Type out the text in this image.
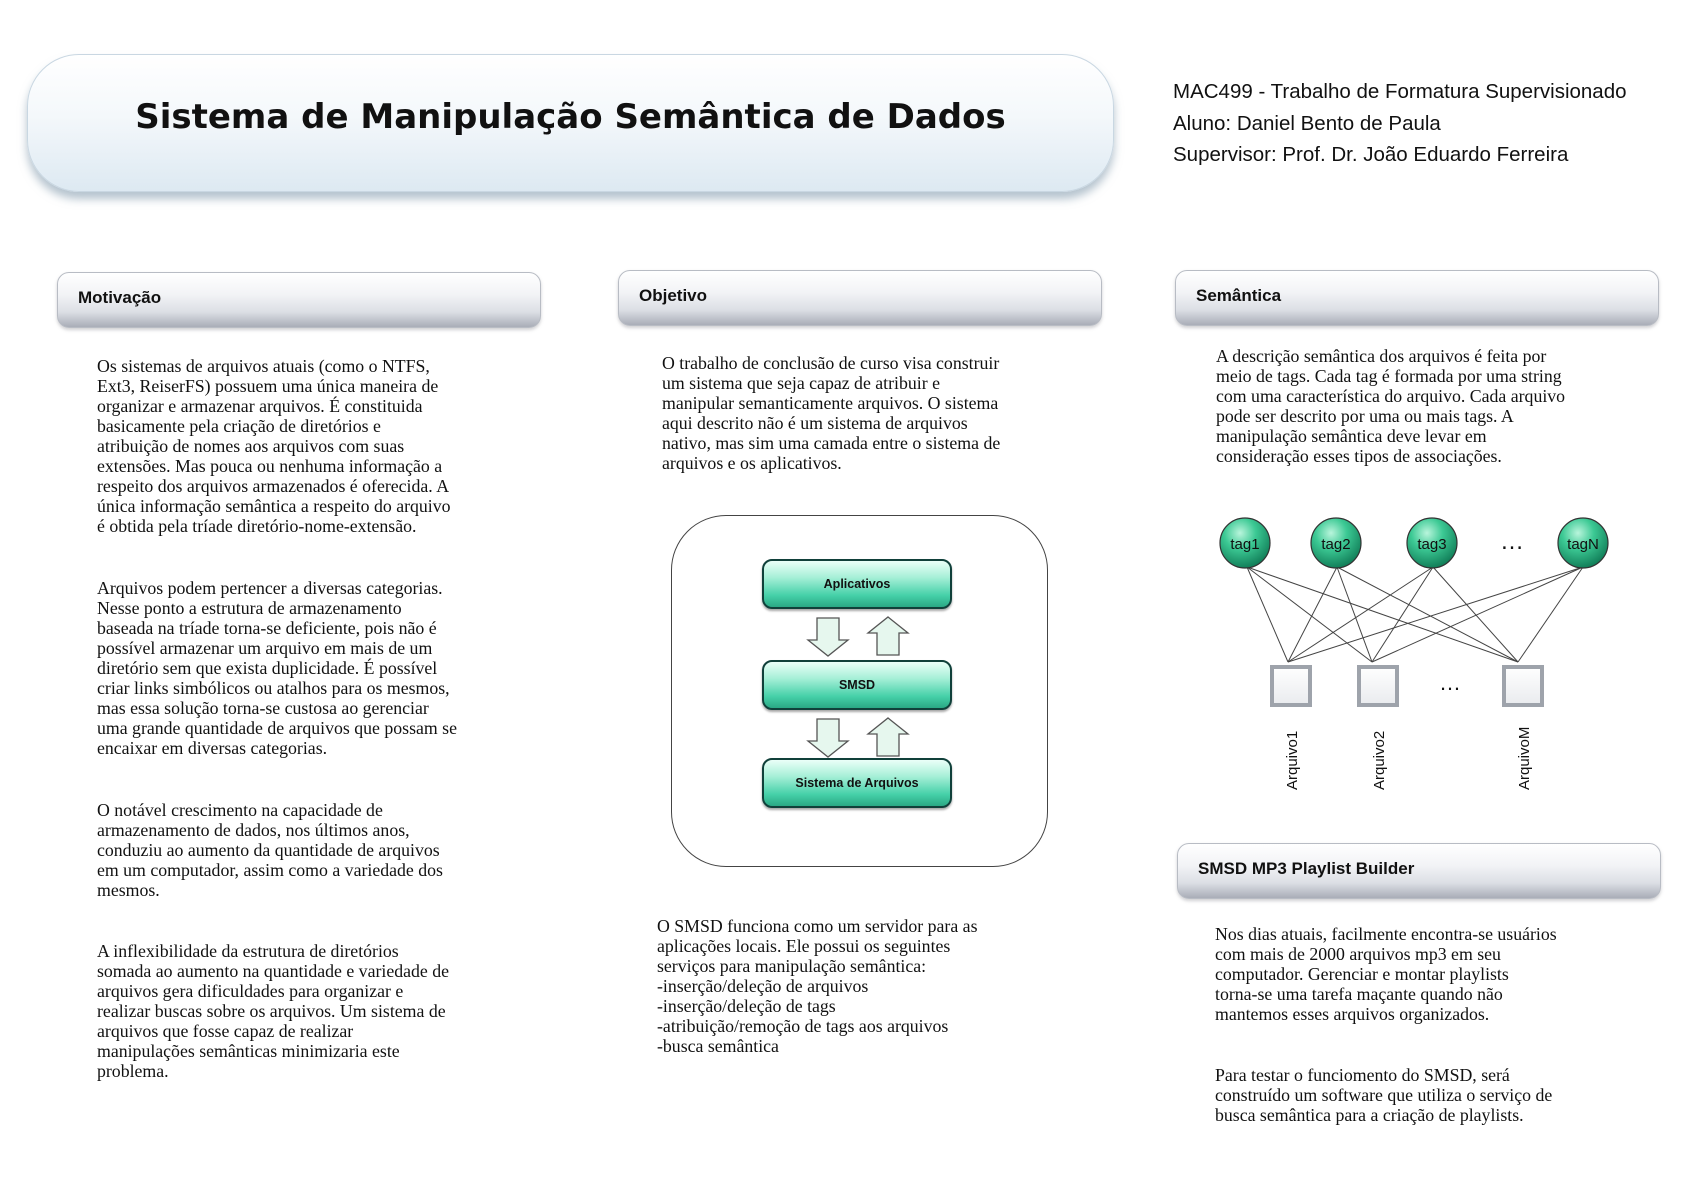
Sistema de Manipulação Semântica de Dados
MAC499 - Trabalho de Formatura Supervisionado
Aluno: Daniel Bento de Paula
Supervisor: Prof. Dr. João Eduardo Ferreira
Motivação	Objetivo	Semântica
SMSD MP3 Playlist Builder

Os sistemas de arquivos atuais (como o NTFS,

Ext3, ReiserFS) possuem uma única maneira de

organizar e armazenar arquivos. É constituida

basicamente pela criação de diretórios e

atribuição de nomes aos arquivos com suas

extensões. Mas pouca ou nenhuma informação a

respeito dos arquivos armazenados é oferecida. A

única informação semântica a respeito do arquivo

é obtida pela tríade diretório-nome-extensão.

Arquivos podem pertencer a diversas categorias.

Nesse ponto a estrutura de armazenamento

baseada na tríade torna-se deficiente, pois não é

possível armazenar um arquivo em mais de um

diretório sem que exista duplicidade. É possível

criar links simbólicos ou atalhos para os mesmos,

mas essa solução torna-se custosa ao gerenciar

uma grande quantidade de arquivos que possam se

encaixar em diversas categorias.

O notável crescimento na capacidade de

armazenamento de dados, nos últimos anos,

conduziu ao aumento da quantidade de arquivos

em um computador, assim como a variedade dos

mesmos.

A inflexibilidade da estrutura de diretórios

somada ao aumento na quantidade e variedade de

arquivos gera dificuldades para organizar e

realizar buscas sobre os arquivos. Um sistema de

arquivos que fosse capaz de realizar

manipulações semânticas minimizaria este

problema.

O trabalho de conclusão de curso visa construir

um sistema que seja capaz de atribuir e

manipular semanticamente arquivos. O sistema

aqui descrito não é um sistema de arquivos

nativo, mas sim uma camada entre o sistema de

arquivos e os aplicativos.

Aplicativos
SMSD
Sistema de Arquivos

O SMSD funciona como um servidor para as

aplicações locais. Ele possui os seguintes

serviços para manipulação semântica:

-inserção/deleção de arquivos

-inserção/deleção de tags

-atribuição/remoção de tags aos arquivos

-busca semântica

A descrição semântica dos arquivos é feita por

meio de tags. Cada tag é formada por uma string

com uma característica do arquivo. Cada arquivo

pode ser descrito por uma ou mais tags. A

manipulação semântica deve levar em

consideração esses tipos de associações.

tag1	tag2	tag3 …	tagN
…
Arquivo1	Arquivo2	ArquivoM

Nos dias atuais, facilmente encontra-se usuários

com mais de 2000 arquivos mp3 em seu

computador. Gerenciar e montar playlists

torna-se uma tarefa maçante quando não

mantemos esses arquivos organizados.

Para testar o funciomento do SMSD, será

construído um software que utiliza o serviço de

busca semântica para a criação de playlists.
